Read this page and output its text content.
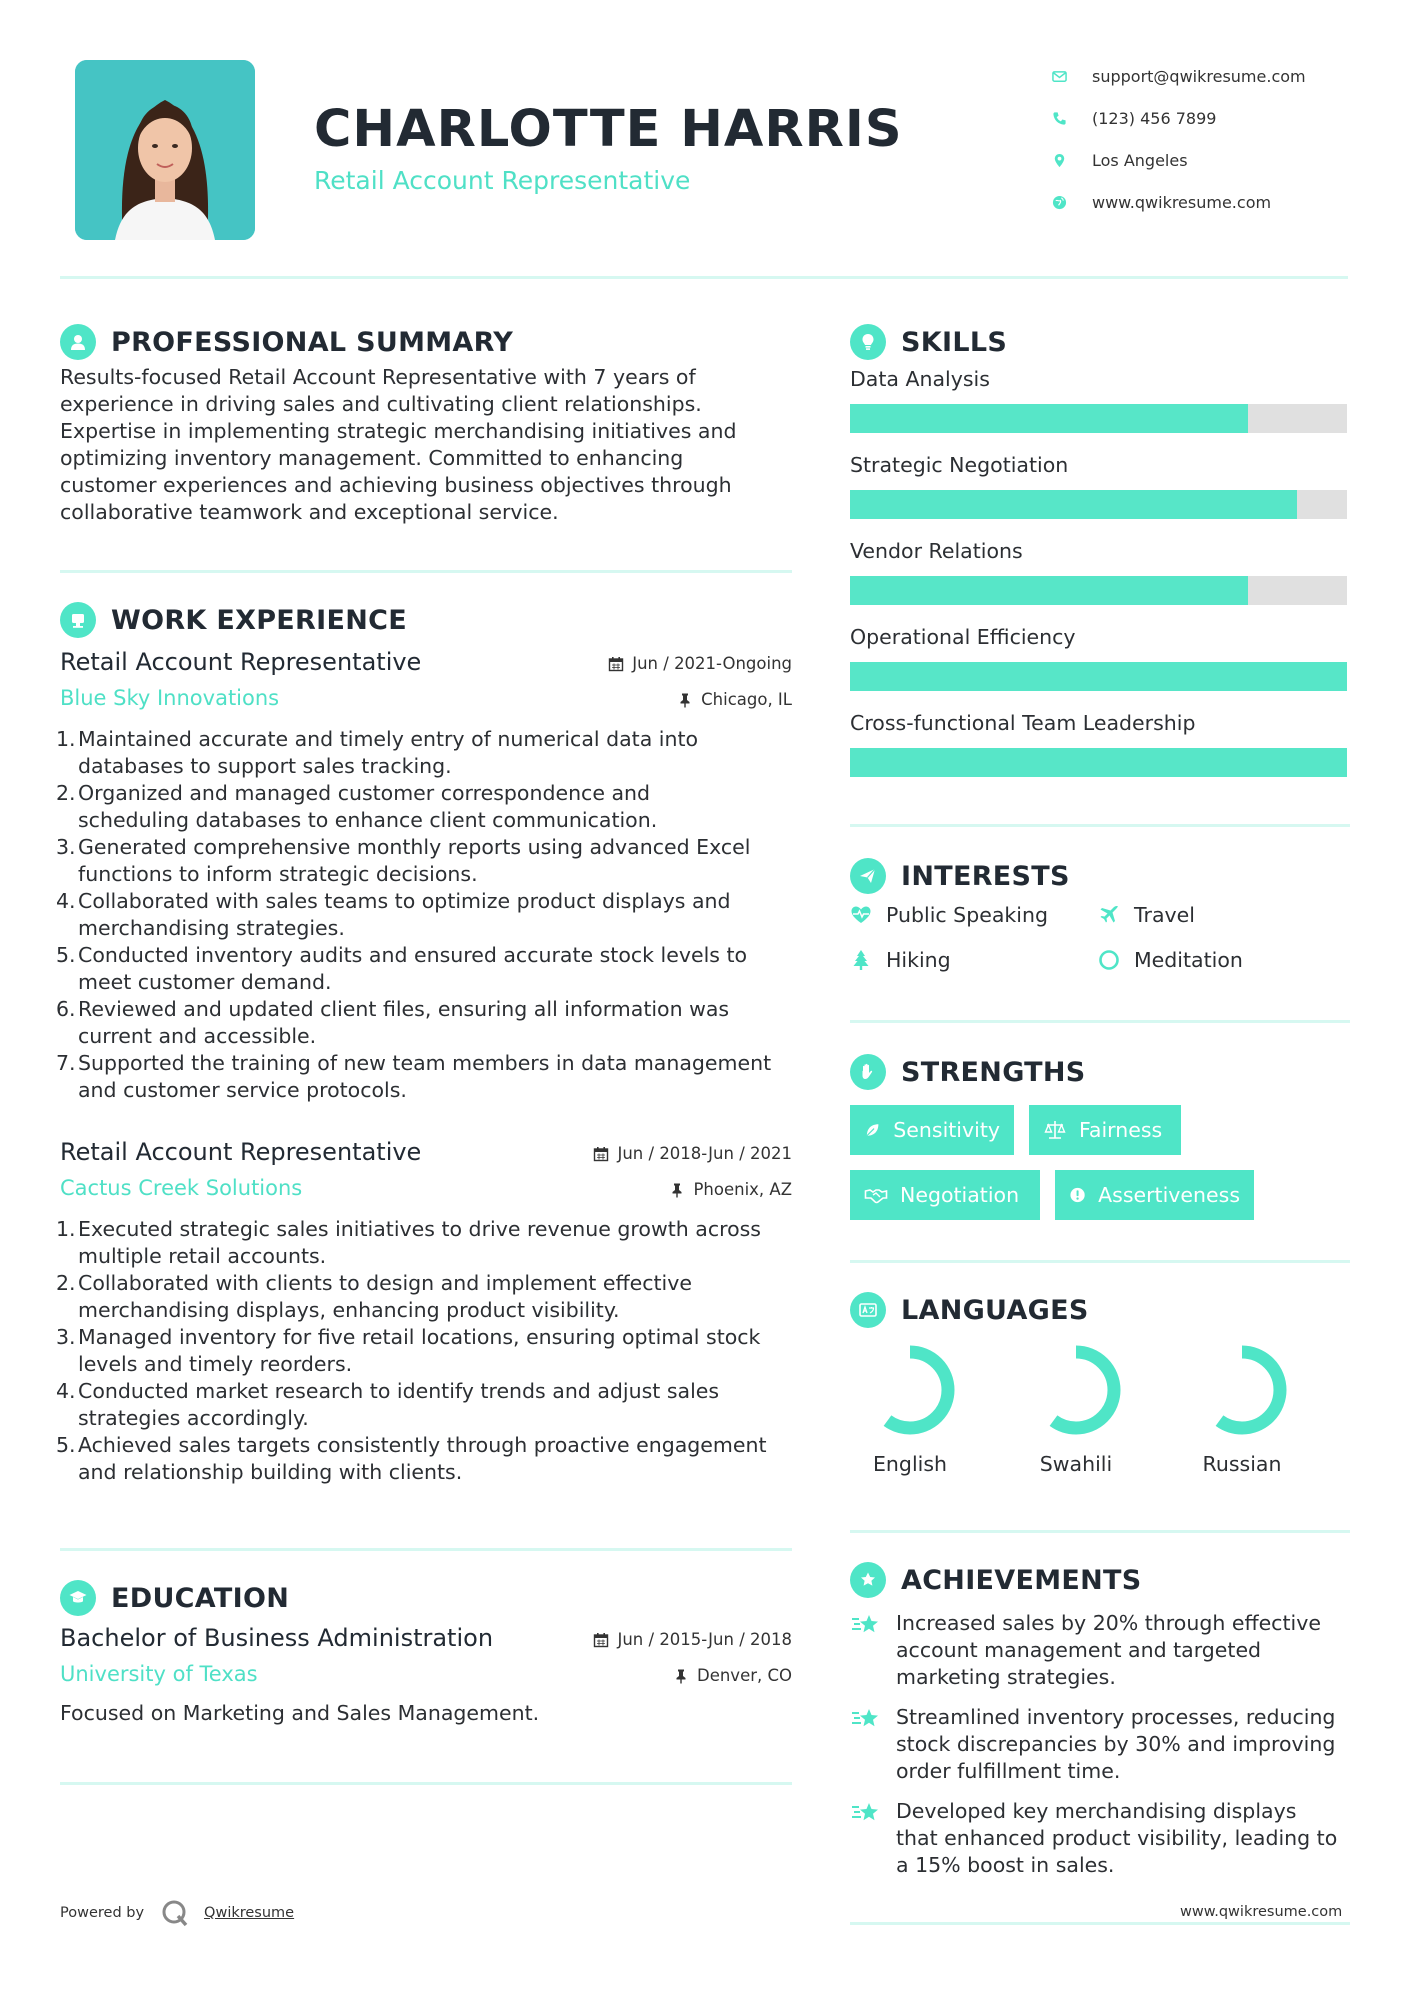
CHARLOTTE HARRIS
Retail Account Representative
support@qwikresume.com
(123) 456 7899
Los Angeles
www.qwikresume.com
PROFESSIONAL SUMMARY
Results-focused Retail Account Representative with 7 years of
experience in driving sales and cultivating client relationships.
Expertise in implementing strategic merchandising initiatives and
optimizing inventory management. Committed to enhancing
customer experiences and achieving business objectives through
collaborative teamwork and exceptional service.
WORK EXPERIENCE
Retail Account Representative	Jun / 2021-Ongoing
Blue Sky Innovations	Chicago, IL
1. Maintained accurate and timely entry of numerical data into
databases to support sales tracking.
2. Organized and managed customer correspondence and
scheduling databases to enhance client communication.
3. Generated comprehensive monthly reports using advanced Excel
functions to inform strategic decisions.
4. Collaborated with sales teams to optimize product displays and
merchandising strategies.
5. Conducted inventory audits and ensured accurate stock levels to
meet customer demand.
6. Reviewed and updated client files, ensuring all information was
current and accessible.
7. Supported the training of new team members in data management
and customer service protocols.
Retail Account Representative	Jun / 2018-Jun / 2021
Cactus Creek Solutions	Phoenix, AZ
1. Executed strategic sales initiatives to drive revenue growth across
multiple retail accounts.
2. Collaborated with clients to design and implement effective
merchandising displays, enhancing product visibility.
3. Managed inventory for five retail locations, ensuring optimal stock
levels and timely reorders.
4. Conducted market research to identify trends and adjust sales
strategies accordingly.
5. Achieved sales targets consistently through proactive engagement
and relationship building with clients.
EDUCATION
Bachelor of Business Administration	Jun / 2015-Jun / 2018
University of Texas	Denver, CO
Focused on Marketing and Sales Management.
SKILLS
Data Analysis
Strategic Negotiation
Vendor Relations
Operational Efficiency
Cross-functional Team Leadership
INTERESTS
Public Speaking	Travel
Hiking	Meditation
STRENGTHS
Sensitivity	Fairness
Negotiation	Assertiveness
LANGUAGES
English	Swahili	Russian
ACHIEVEMENTS
Increased sales by 20% through effective
account management and targeted
marketing strategies.
Streamlined inventory processes, reducing
stock discrepancies by 30% and improving
order fulfillment time.
Developed key merchandising displays
that enhanced product visibility, leading to
a 15% boost in sales.
Powered by	Qwikresume	www.qwikresume.com
